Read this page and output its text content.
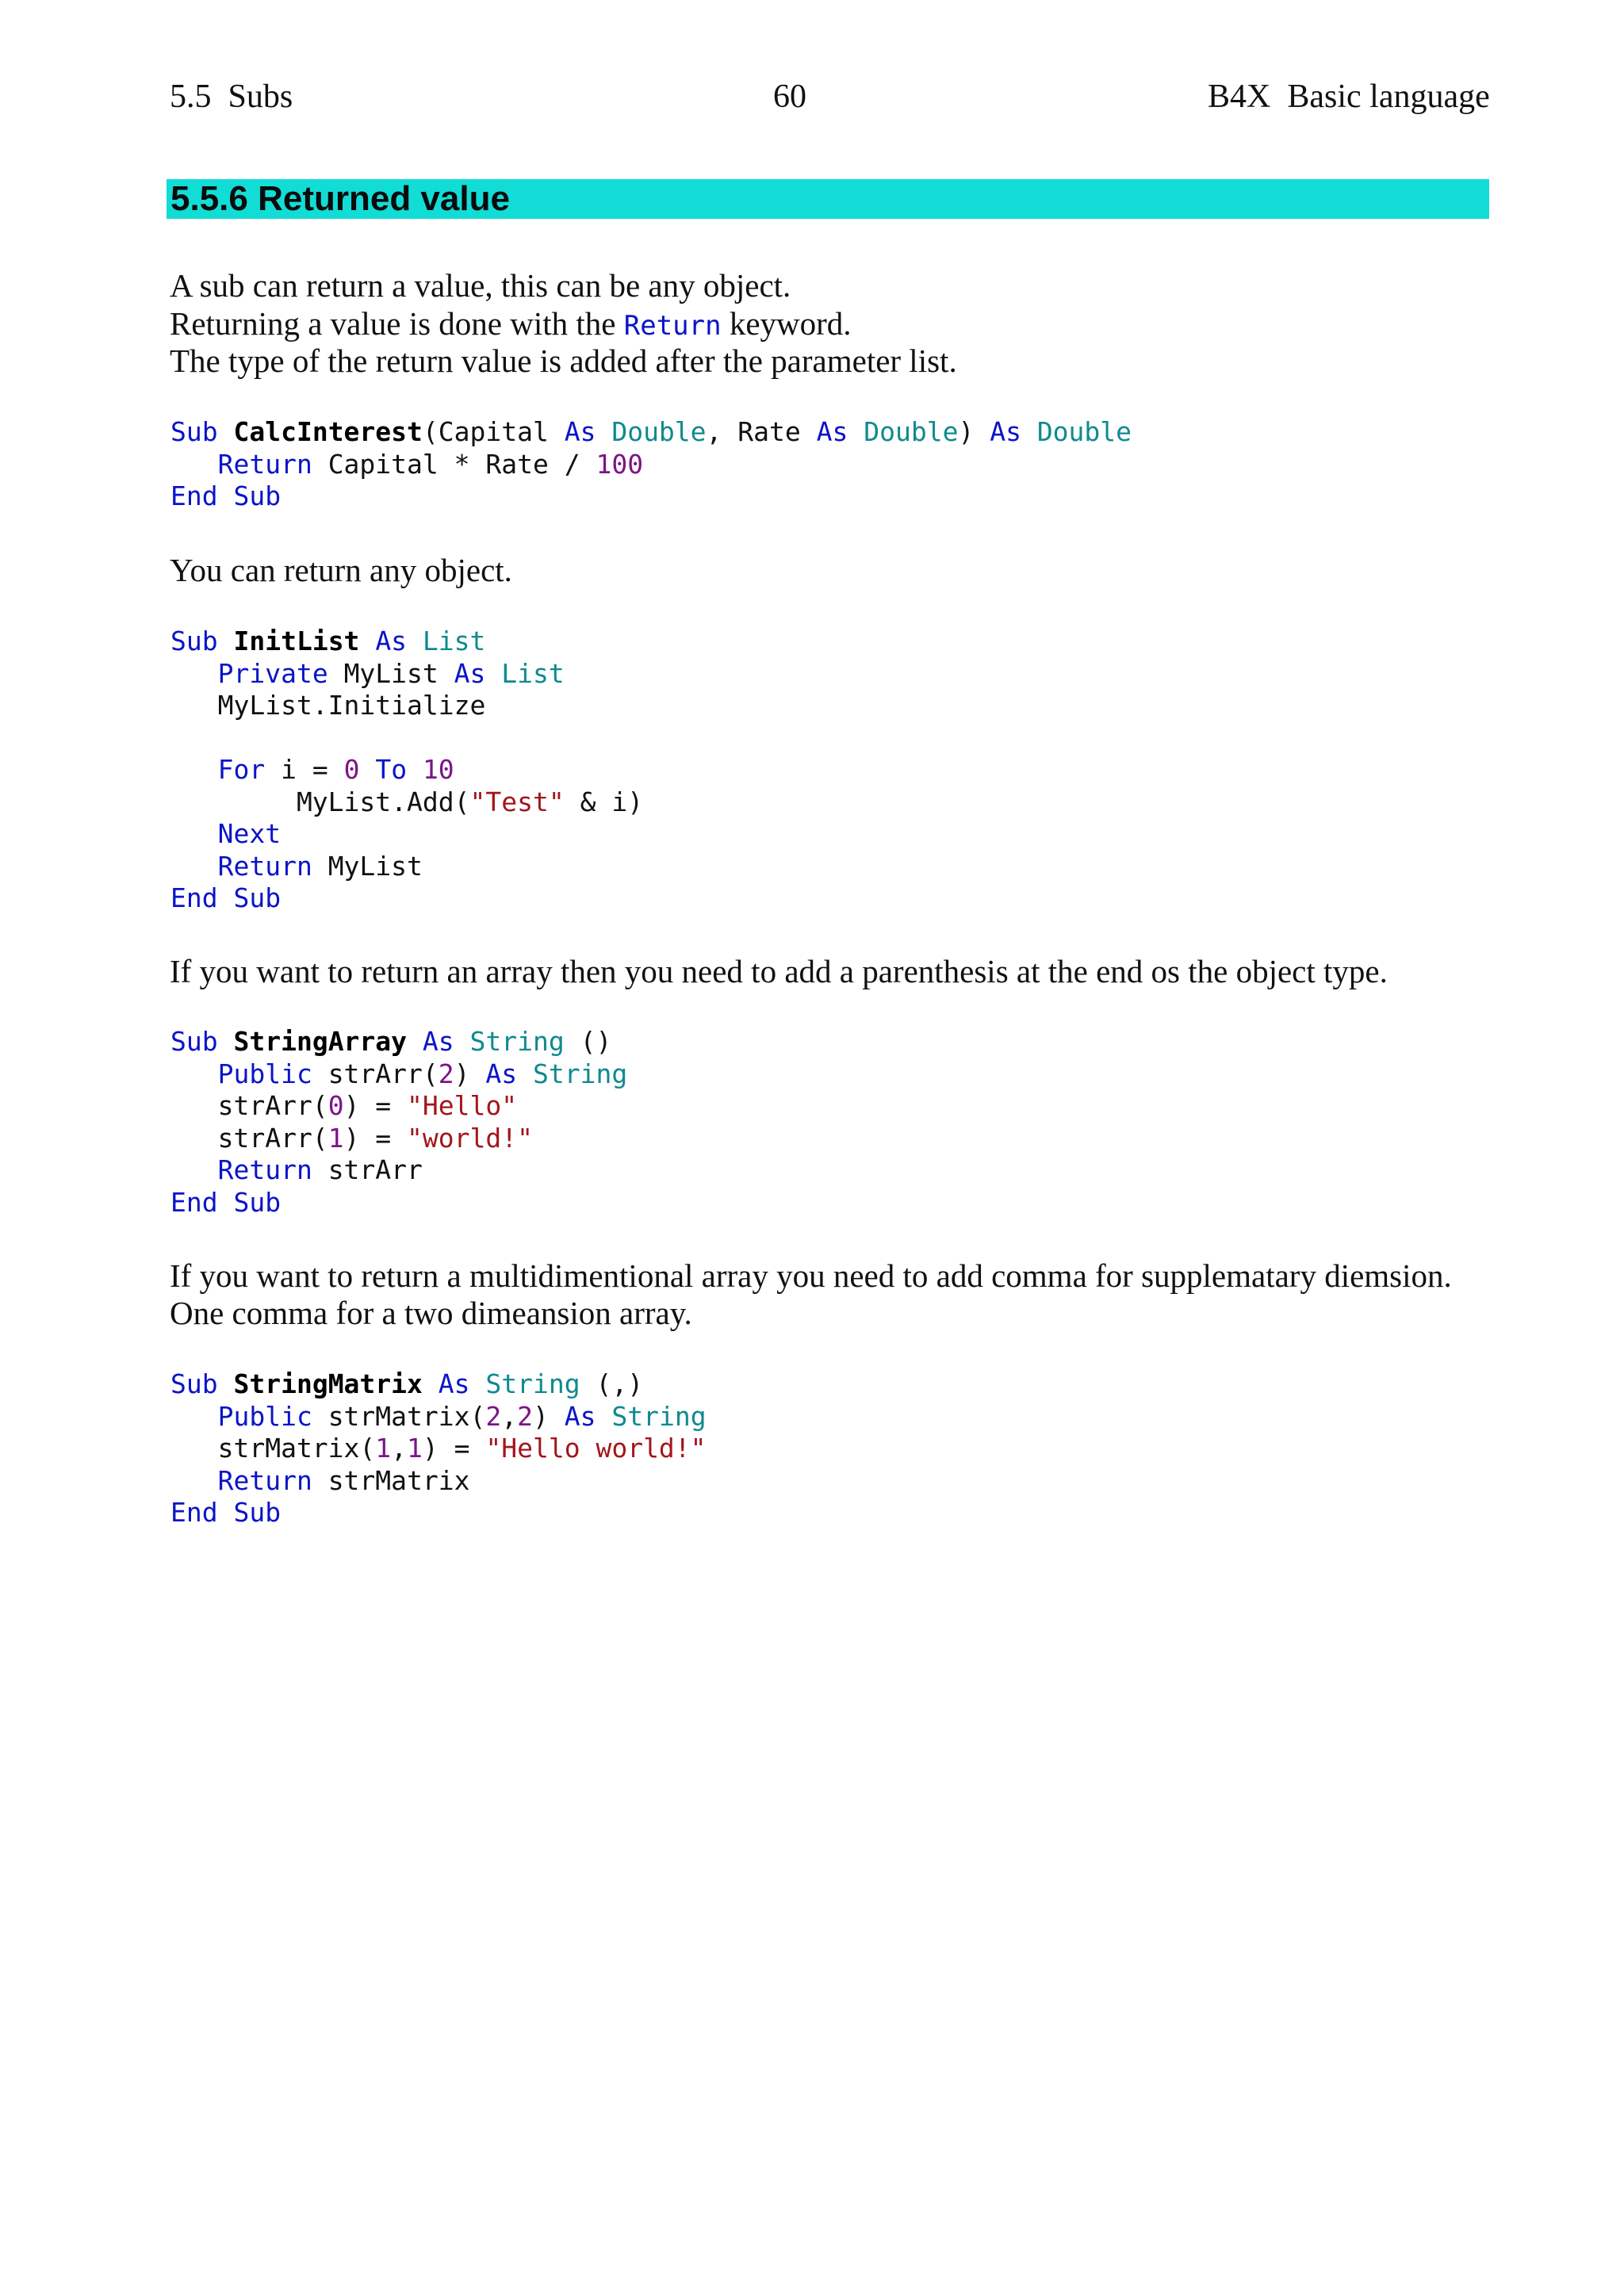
5.5  Subs	60	B4X  Basic language
5.5.6 Returned value
A sub can return a value, this can be any object.
Returning a value is done with the Return keyword.
The type of the return value is added after the parameter list.
Sub CalcInterest(Capital As Double, Rate As Double) As Double
Return Capital * Rate / 100
End Sub
You can return any object.
Sub InitList As List
Private MyList As List
MyList.Initialize

For i = 0 To 10
MyList.Add("Test" & i)
Next
Return MyList
End Sub
If you want to return an array then you need to add a parenthesis at the end os the object type.
Sub StringArray As String ()
Public strArr(2) As String
strArr(0) = "Hello"
strArr(1) = "world!"
Return strArr
End Sub
If you want to return a multidimentional array you need to add comma for supplematary diemsion.
One comma for a two dimeansion array.
Sub StringMatrix As String (,)
Public strMatrix(2,2) As String
strMatrix(1,1) = "Hello world!"
Return strMatrix
End Sub
